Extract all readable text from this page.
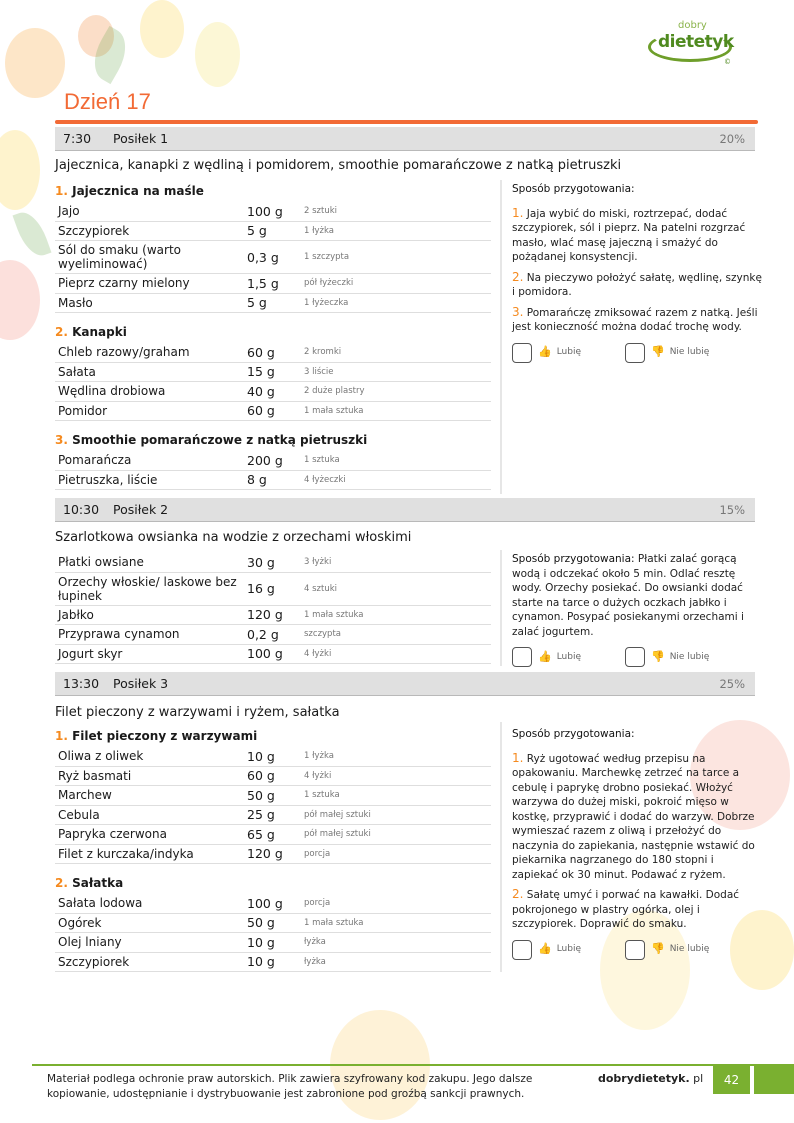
dobry
dietetyk
©
Dzień 17
7:30	Posiłek 1	20%
Jajecznica, kanapki z wędliną i pomidorem, smoothie pomarańczowe z natką pietruszki
1. Jajecznica na maśle
Jajo	100 g	2 sztuki
Szczypiorek	5 g	1 łyżka
Sól do smaku (warto wyeliminować)	0,3 g	1 szczypta
Pieprz czarny mielony	1,5 g	pół łyżeczki
Masło	5 g	1 łyżeczka
2. Kanapki
Chleb razowy/graham	60 g	2 kromki
Sałata	15 g	3 liście
Wędlina drobiowa	40 g	2 duże plastry
Pomidor	60 g	1 mała sztuka
3. Smoothie pomarańczowe z natką pietruszki
Pomarańcza	200 g	1 sztuka
Pietruszka, liście	8 g	4 łyżeczki

Sposób przygotowania:

1. Jaja wybić do miski, roztrzepać, dodać szczypiorek, sól i pieprz. Na patelni rozgrzać masło, wlać masę jajeczną i smażyć do pożądanej konsystencji.

2. Na pieczywo położyć sałatę, wędlinę, szynkę i pomidora.

3. Pomarańczę zmiksować razem z natką. Jeśli jest konieczność można dodać trochę wody.

👍 Lubię	👎 Nie lubię
10:30	Posiłek 2	15%
Szarlotkowa owsianka na wodzie z orzechami włoskimi
Płatki owsiane	30 g	3 łyżki
Orzechy włoskie/ laskowe bez łupinek	16 g	4 sztuki
Jabłko	120 g	1 mała sztuka
Przyprawa cynamon	0,2 g	szczypta
Jogurt skyr	100 g	4 łyżki

Sposób przygotowania: Płatki zalać gorącą wodą i odczekać około 5 min. Odlać resztę wody. Orzechy posiekać. Do owsianki dodać starte na tarce o dużych oczkach jabłko i cynamon. Posypać posiekanymi orzechami i zalać jogurtem.

👍 Lubię	👎 Nie lubię
13:30	Posiłek 3	25%
Filet pieczony z warzywami i ryżem, sałatka
1. Filet pieczony z warzywami
Oliwa z oliwek	10 g	1 łyżka
Ryż basmati	60 g	4 łyżki
Marchew	50 g	1 sztuka
Cebula	25 g	pół małej sztuki
Papryka czerwona	65 g	pół małej sztuki
Filet z kurczaka/indyka	120 g	porcja
2. Sałatka
Sałata lodowa	100 g	porcja
Ogórek	50 g	1 mała sztuka
Olej lniany	10 g	łyżka
Szczypiorek	10 g	łyżka

Sposób przygotowania:

1. Ryż ugotować według przepisu na opakowaniu. Marchewkę zetrzeć na tarce a cebulę i paprykę drobno posiekać. Włożyć warzywa do dużej miski, pokroić mięso w kostkę, przyprawić i dodać do warzyw. Dobrze wymieszać razem z oliwą i przełożyć do naczynia do zapiekania, następnie wstawić do piekarnika nagrzanego do 180 stopni i zapiekać ok 30 minut. Podawać z ryżem.

2. Sałatę umyć i porwać na kawałki. Dodać pokrojonego w plastry ogórka, olej i szczypiorek. Doprawić do smaku.

👍 Lubię	👎 Nie lubię
Materiał podlega ochronie praw autorskich. Plik zawiera szyfrowany kod zakupu. Jego dalsze kopiowanie, udostępnianie i dystrybuowanie jest zabronione pod groźbą sankcji prawnych.
dobrydietetyk. pl	42
